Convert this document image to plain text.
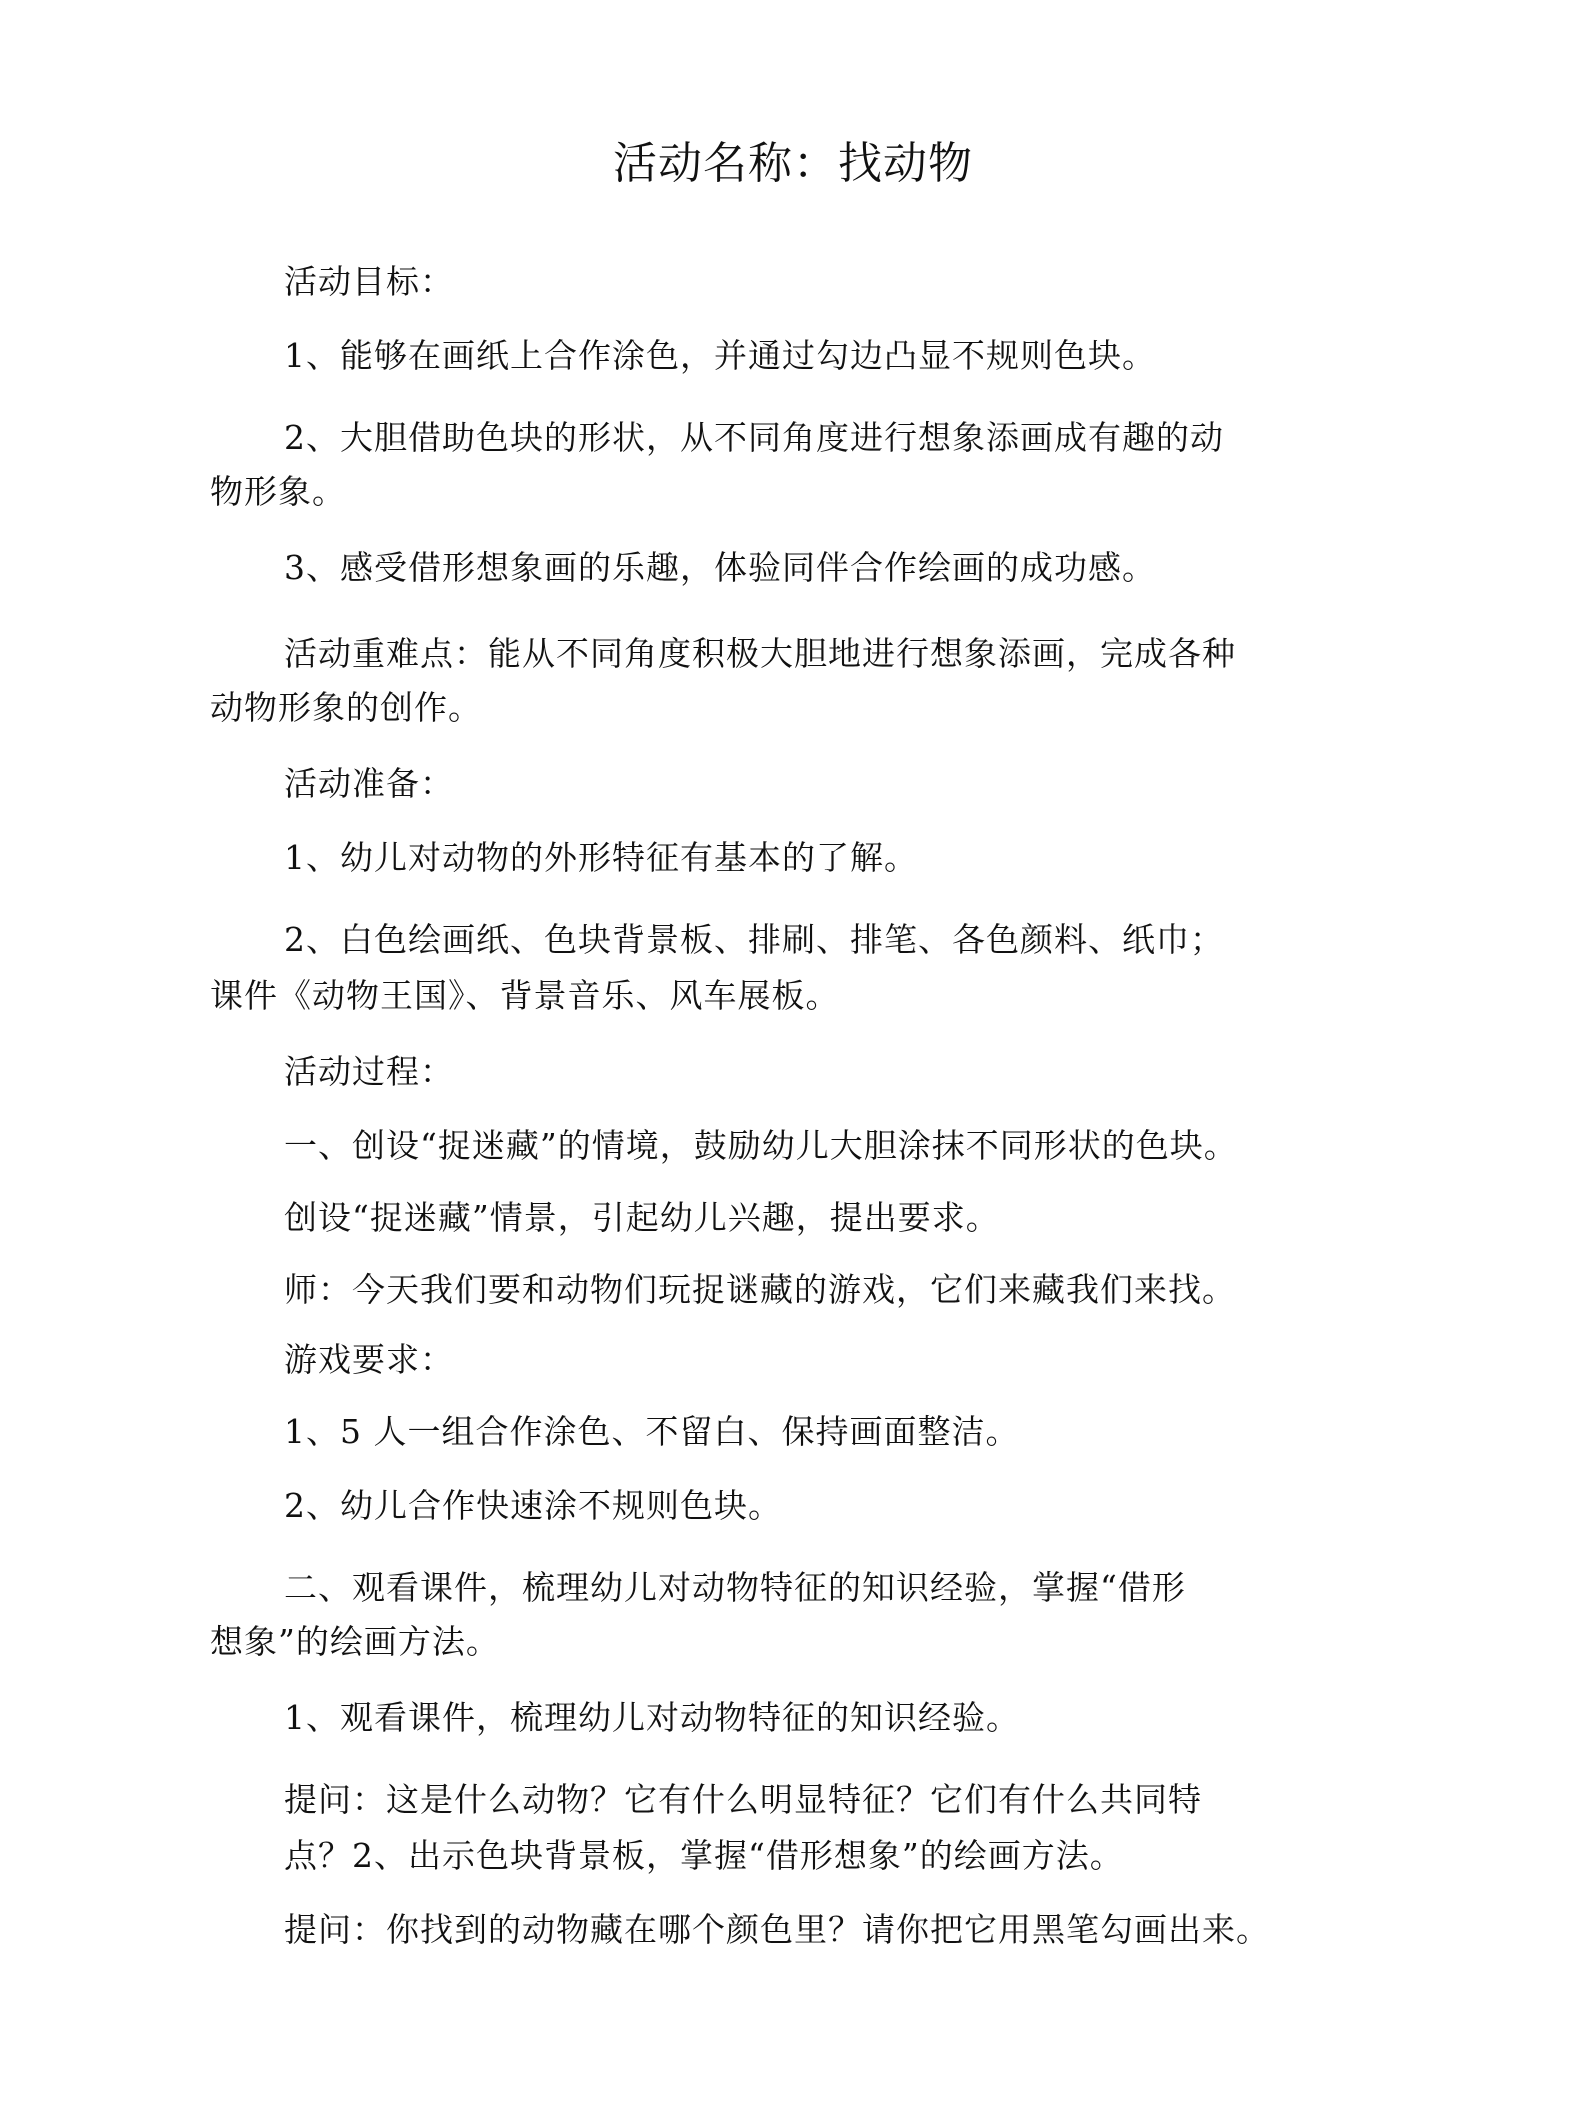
活动名称：找动物

活动目标：

1、能够在画纸上合作涂色，并通过勾边凸显不规则色块。

2、大胆借助色块的形状，从不同角度进行想象添画成有趣的动

物形象。

3、感受借形想象画的乐趣，体验同伴合作绘画的成功感。

活动重难点：能从不同角度积极大胆地进行想象添画，完成各种

动物形象的创作。

活动准备：

1、幼儿对动物的外形特征有基本的了解。

2、白色绘画纸、色块背景板、排刷、排笔、各色颜料、纸巾；

课件《动物王国》、背景音乐、风车展板。

活动过程：

一、创设“捉迷藏”的情境，鼓励幼儿大胆涂抹不同形状的色块。

创设“捉迷藏”情景，引起幼儿兴趣，提出要求。

师：今天我们要和动物们玩捉谜藏的游戏，它们来藏我们来找。

游戏要求：

1、5 人一组合作涂色、不留白、保持画面整洁。

2、幼儿合作快速涂不规则色块。

二、观看课件，梳理幼儿对动物特征的知识经验，掌握“借形

想象”的绘画方法。

1、观看课件，梳理幼儿对动物特征的知识经验。

提问：这是什么动物？它有什么明显特征？它们有什么共同特

点？2、出示色块背景板，掌握“借形想象”的绘画方法。

提问：你找到的动物藏在哪个颜色里？请你把它用黑笔勾画出来。
